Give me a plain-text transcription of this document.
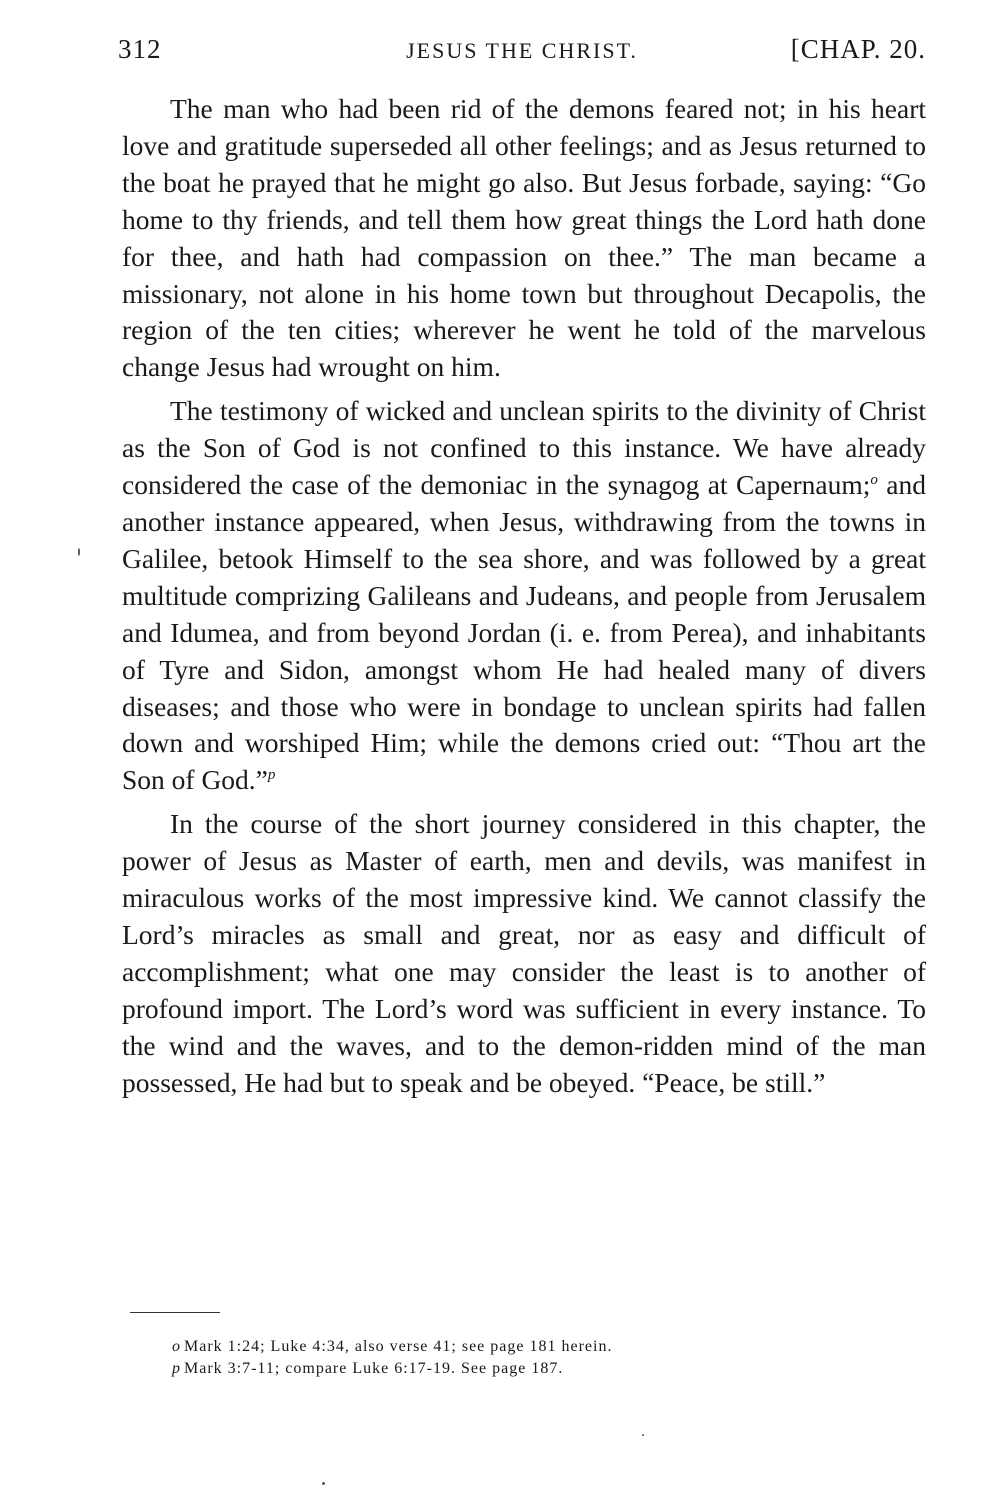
312	JESUS THE CHRIST.	[CHAP. 20.

The man who had been rid of the demons feared not; in his heart love and gratitude superseded all other feelings; and as Jesus returned to the boat he prayed that he might go also. But Jesus forbade, saying: “Go home to thy friends, and tell them how great things the Lord hath done for thee, and hath had compassion on thee.” The man became a missionary, not alone in his home town but throughout Decapolis, the region of the ten cities; wherever he went he told of the marvelous change Jesus had wrought on him.

The testimony of wicked and unclean spirits to the divinity of Christ as the Son of God is not confined to this instance. We have already considered the case of the demoniac in the synagog at Capernaum;$^o$ and another instance appeared, when Jesus, withdrawing from the towns in Galilee, betook Himself to the sea shore, and was followed by a great multitude comprizing Galileans and Judeans, and people from Jerusalem and Idumea, and from beyond Jordan (i. e. from Perea), and inhabitants of Tyre and Sidon, amongst whom He had healed many of divers diseases; and those who were in bondage to unclean spirits had fallen down and worshiped Him; while the demons cried out: “Thou art the Son of God.”$^p$

In the course of the short journey considered in this chapter, the power of Jesus as Master of earth, men and devils, was manifest in miraculous works of the most impressive kind. We cannot classify the Lord’s miracles as small and great, nor as easy and difficult of accomplishment; what one may consider the least is to another of profound import. The Lord’s word was sufficient in every instance. To the wind and the waves, and to the demon-ridden mind of the man possessed, He had but to speak and be obeyed. “Peace, be still.”

o Mark 1:24; Luke 4:34, also verse 41; see page 181 herein.
p Mark 3:7-11; compare Luke 6:17-19. See page 187.
